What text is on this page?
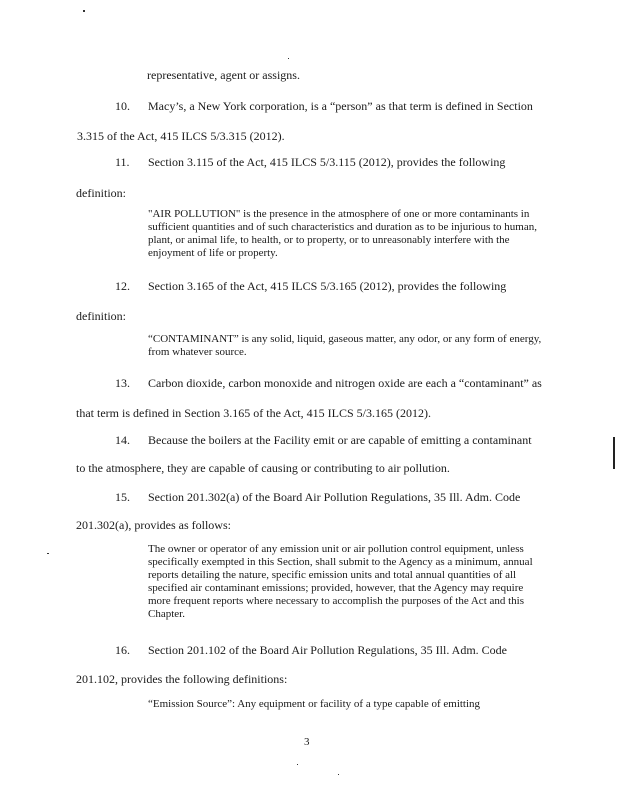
representative, agent or assigns.
10. Macy’s, a New York corporation, is a “person” as that term is defined in Section
3.315 of the Act, 415 ILCS 5/3.315 (2012).
11. Section 3.115 of the Act, 415 ILCS 5/3.115 (2012), provides the following
definition:
"AIR POLLUTION" is the presence in the atmosphere of one or more contaminants in sufficient quantities and of such characteristics and duration as to be injurious to human, plant, or animal life, to health, or to property, or to unreasonably interfere with the enjoyment of life or property.
12. Section 3.165 of the Act, 415 ILCS 5/3.165 (2012), provides the following
definition:
“CONTAMINANT” is any solid, liquid, gaseous matter, any odor, or any form of energy, from whatever source.
13. Carbon dioxide, carbon monoxide and nitrogen oxide are each a “contaminant” as
that term is defined in Section 3.165 of the Act, 415 ILCS 5/3.165 (2012).
14. Because the boilers at the Facility emit or are capable of emitting a contaminant
to the atmosphere, they are capable of causing or contributing to air pollution.
15. Section 201.302(a) of the Board Air Pollution Regulations, 35 Ill. Adm. Code
201.302(a), provides as follows:
The owner or operator of any emission unit or air pollution control equipment, unless specifically exempted in this Section, shall submit to the Agency as a minimum, annual reports detailing the nature, specific emission units and total annual quantities of all specified air contaminant emissions; provided, however, that the Agency may require more frequent reports where necessary to accomplish the purposes of the Act and this Chapter.
16. Section 201.102 of the Board Air Pollution Regulations, 35 Ill. Adm. Code
201.102, provides the following definitions:
“Emission Source”: Any equipment or facility of a type capable of emitting
3
